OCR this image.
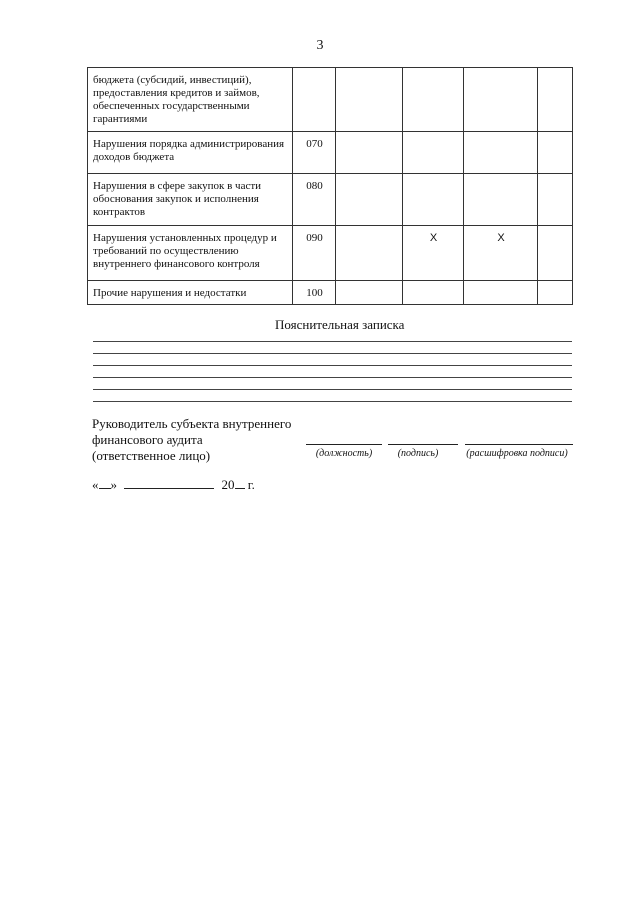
3
бюджета (субсидий, инвестиций), предоставления кредитов и займов, обеспеченных государственными гарантиями					
Нарушения порядка администрирования доходов бюджета	070				
Нарушения в сфере закупок в части обоснования закупок и исполнения контрактов	080				
Нарушения установленных процедур и требований по осуществлению внутреннего финансового контроля	090		X	X	
Прочие нарушения и недостатки	100				
Пояснительная записка
Руководитель субъекта внутреннего
финансового аудита
(ответственное лицо)	(должность)	(подпись)	(расшифровка подписи)
« »	20 г.
